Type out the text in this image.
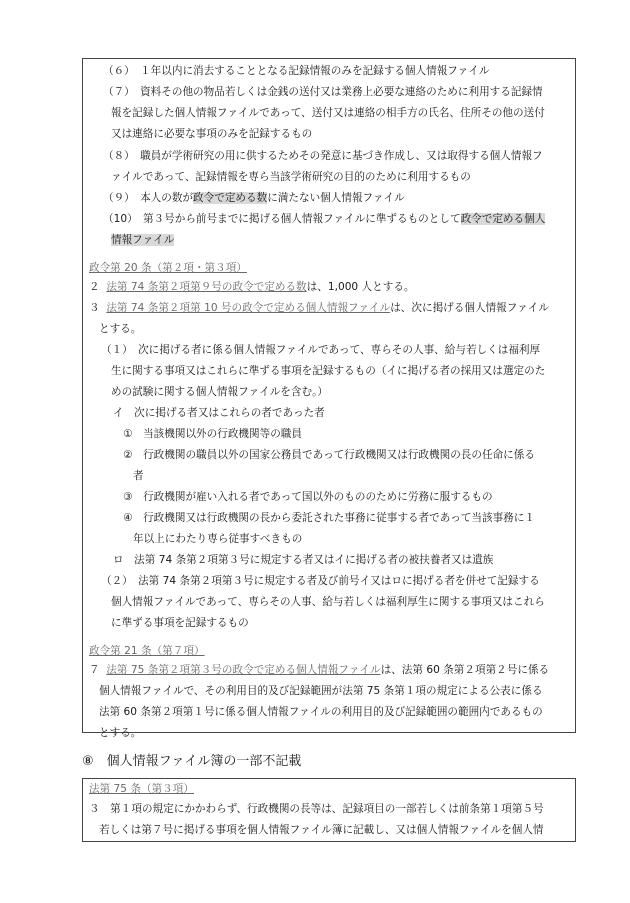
（６）　１年以内に消去することとなる記録情報のみを記録する個人情報ファイル
（７）　資料その他の物品若しくは金銭の送付又は業務上必要な連絡のために利用する記録情
報を記録した個人情報ファイルであって、送付又は連絡の相手方の氏名、住所その他の送付
又は連絡に必要な事項のみを記録するもの
（８）　職員が学術研究の用に供するためその発意に基づき作成し、又は取得する個人情報フ
ァイルであって、記録情報を専ら当該学術研究の目的のために利用するもの
（９）　本人の数が政令で定める数に満たない個人情報ファイル
（10）　第３号から前号までに掲げる個人情報ファイルに準ずるものとして政令で定める個人
情報ファイル
政令第 20 条（第２項・第３項）
２ 法第 74 条第２項第９号の政令で定める数は、1,000 人とする。
３ 法第 74 条第２項第 10 号の政令で定める個人情報ファイルは、次に掲げる個人情報ファイル
とする。
（１）　次に掲げる者に係る個人情報ファイルであって、専らその人事、給与若しくは福利厚
生に関する事項又はこれらに準ずる事項を記録するもの（イに掲げる者の採用又は選定のた
めの試験に関する個人情報ファイルを含む。）
イ　次に掲げる者又はこれらの者であった者
①　当該機関以外の行政機関等の職員
②　行政機関の職員以外の国家公務員であって行政機関又は行政機関の長の任命に係る
者
③　行政機関が雇い入れる者であって国以外のもののために労務に服するもの
④　行政機関又は行政機関の長から委託された事務に従事する者であって当該事務に１
年以上にわたり専ら従事すべきもの
ロ　法第 74 条第２項第３号に規定する者又はイに掲げる者の被扶養者又は遺族
（２）　法第 74 条第２項第３号に規定する者及び前号イ又はロに掲げる者を併せて記録する
個人情報ファイルであって、専らその人事、給与若しくは福利厚生に関する事項又はこれら
に準ずる事項を記録するもの
政令第 21 条（第７項）
７ 法第 75 条第２項第３号の政令で定める個人情報ファイルは、法第 60 条第２項第２号に係る
個人情報ファイルで、その利用目的及び記録範囲が法第 75 条第１項の規定による公表に係る
法第 60 条第２項第１号に係る個人情報ファイルの利用目的及び記録範囲の範囲内であるもの
とする。
⑧　個人情報ファイル簿の一部不記載
法第 75 条（第３項）
３　第１項の規定にかかわらず、行政機関の長等は、記録項目の一部若しくは前条第１項第５号
若しくは第７号に掲げる事項を個人情報ファイル簿に記載し、又は個人情報ファイルを個人情
